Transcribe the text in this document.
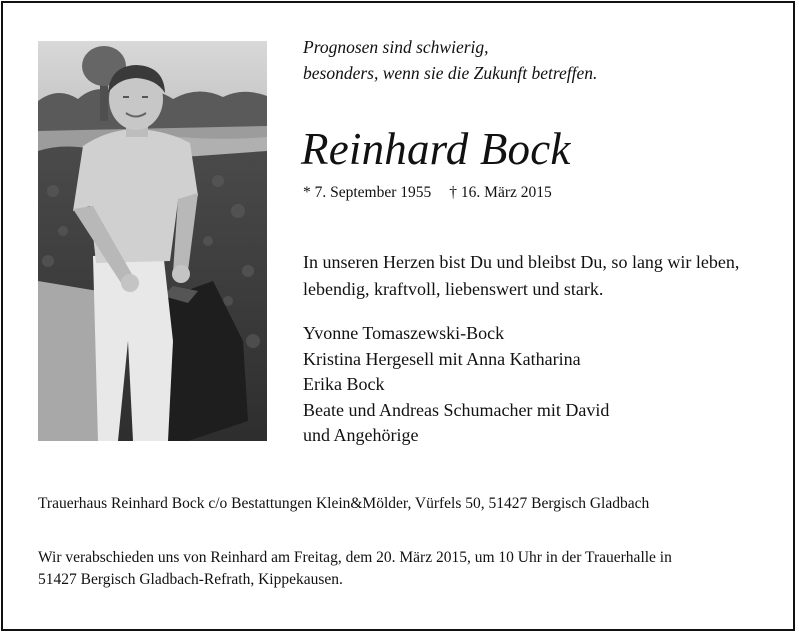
Prognosen sind schwierig,
besonders, wenn sie die Zukunft betreffen.
Reinhard Bock
* 7. September 1955 † 16. März 2015
In unseren Herzen bist Du und bleibst Du, so lang wir leben,
lebendig, kraftvoll, liebenswert und stark.
Yvonne Tomaszewski-Bock
Kristina Hergesell mit Anna Katharina
Erika Bock
Beate und Andreas Schumacher mit David
und Angehörige
Trauerhaus Reinhard Bock c/o Bestattungen Klein&Mölder, Vürfels 50, 51427 Bergisch Gladbach
Wir verabschieden uns von Reinhard am Freitag, dem 20. März 2015, um 10 Uhr in der Trauerhalle in
51427 Bergisch Gladbach-Refrath, Kippekausen.
